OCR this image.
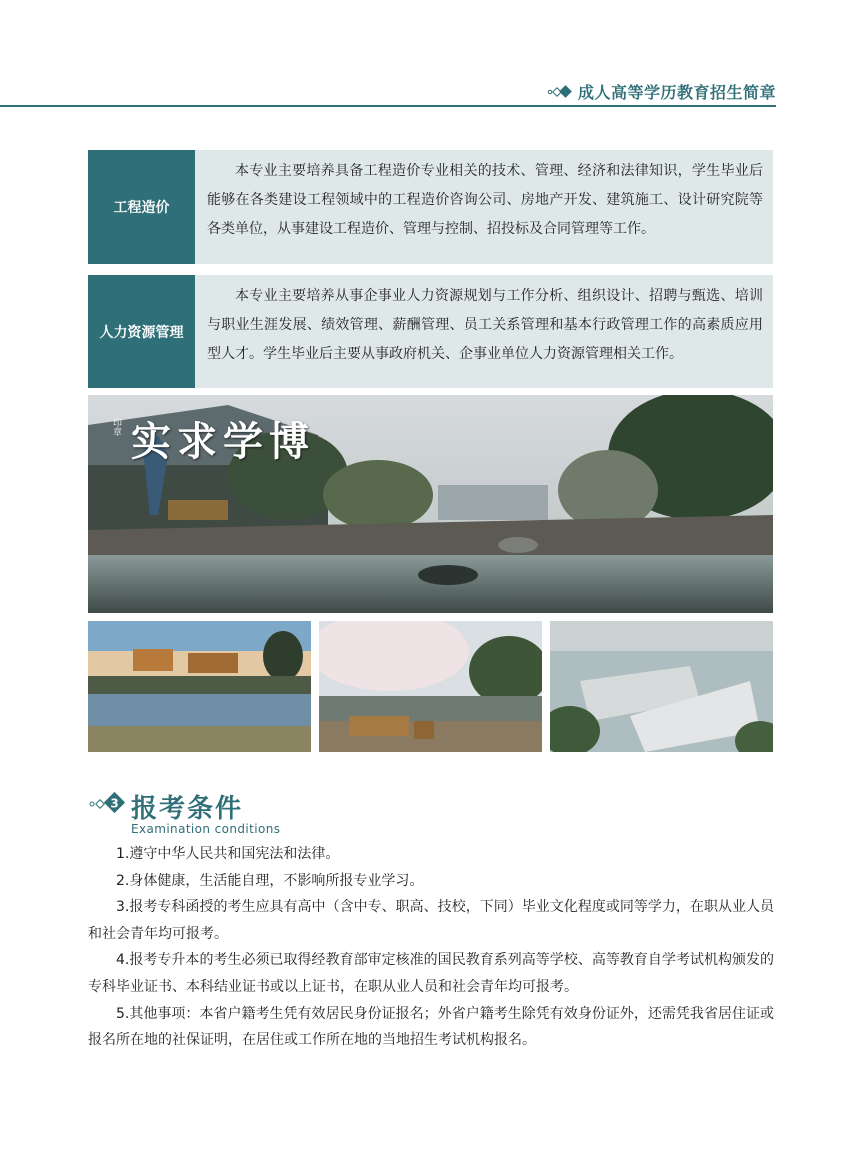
成人高等学历教育招生简章
工程造价
本专业主要培养具备工程造价专业相关的技术、管理、经济和法律知识，学生毕业后能够在各类建设工程领域中的工程造价咨询公司、房地产开发、建筑施工、设计研究院等各类单位，从事建设工程造价、管理与控制、招投标及合同管理等工作。
人力资源管理
本专业主要培养从事企事业人力资源规划与工作分析、组织设计、招聘与甄选、培训与职业生涯发展、绩效管理、薪酬管理、员工关系管理和基本行政管理工作的高素质应用型人才。学生毕业后主要从事政府机关、企事业单位人力资源管理相关工作。
印章 实求学博
3 报考条件
Examination conditions

1.遵守中华人民共和国宪法和法律。

2.身体健康，生活能自理，不影响所报专业学习。

3.报考专科函授的考生应具有高中（含中专、职高、技校，下同）毕业文化程度或同等学力，在职从业人员和社会青年均可报考。

4.报考专升本的考生必须已取得经教育部审定核准的国民教育系列高等学校、高等教育自学考试机构颁发的专科毕业证书、本科结业证书或以上证书，在职从业人员和社会青年均可报考。

5.其他事项：本省户籍考生凭有效居民身份证报名；外省户籍考生除凭有效身份证外，还需凭我省居住证或报名所在地的社保证明，在居住或工作所在地的当地招生考试机构报名。
